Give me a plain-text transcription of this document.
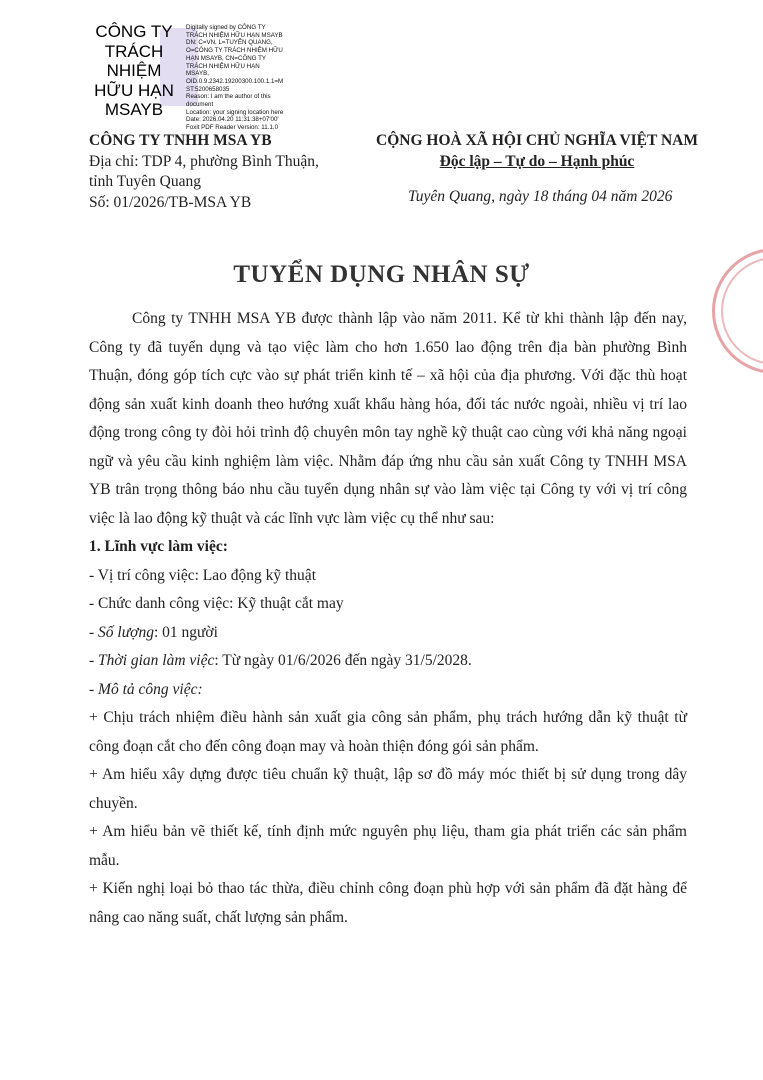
CÔNG TY
TRÁCH
NHIỆM
HỮU HẠN
MSAYB
Digitally signed by CÔNG TY
TRÁCH NHIỆM HỮU HẠN MSAYB
DN: C=VN, L=TUYÊN QUANG,
O=CÔNG TY TRÁCH NHIỆM HỮU
HẠN MSAYB, CN=CÔNG TY
TRÁCH NHIỆM HỮU HẠN
MSAYB,
OID.0.9.2342.19200300.100.1.1=M
ST:5200658035
Reason: I am the author of this
document
Location: your signing location here
Date: 2026.04.20 11:31:38+07'00'
Foxit PDF Reader Version: 11.1.0
CÔNG TY TNHH MSA YB
Địa chỉ: TDP 4, phường Bình Thuận,
tỉnh Tuyên Quang
Số: 01/2026/TB-MSA YB
CỘNG HOÀ XÃ HỘI CHỦ NGHĨA VIỆT NAM
Độc lập – Tự do – Hạnh phúc
Tuyên Quang, ngày 18 tháng 04 năm 2026
TUYỂN DỤNG NHÂN SỰ

Công ty TNHH MSA YB được thành lập vào năm 2011. Kể từ khi thành lập đến nay, Công ty đã tuyển dụng và tạo việc làm cho hơn 1.650 lao động trên địa bàn phường Bình Thuận, đóng góp tích cực vào sự phát triển kinh tế – xã hội của địa phương. Với đặc thù hoạt động sản xuất kinh doanh theo hướng xuất khẩu hàng hóa, đối tác nước ngoài, nhiều vị trí lao động trong công ty đòi hỏi trình độ chuyên môn tay nghề kỹ thuật cao cùng với khả năng ngoại ngữ và yêu cầu kinh nghiệm làm việc. Nhằm đáp ứng nhu cầu sản xuất Công ty TNHH MSA YB trân trọng thông báo nhu cầu tuyển dụng nhân sự vào làm việc tại Công ty với vị trí công việc là lao động kỹ thuật và các lĩnh vực làm việc cụ thể như sau:

1. Lĩnh vực làm việc:

- Vị trí công việc: Lao động kỹ thuật

- Chức danh công việc: Kỹ thuật cắt may

- Số lượng: 01 người

- Thời gian làm việc: Từ ngày 01/6/2026 đến ngày 31/5/2028.

- Mô tả công việc:

+ Chịu trách nhiệm điều hành sản xuất gia công sản phẩm, phụ trách hướng dẫn kỹ thuật từ công đoạn cắt cho đến công đoạn may và hoàn thiện đóng gói sản phẩm.

+ Am hiểu xây dựng được tiêu chuẩn kỹ thuật, lập sơ đồ máy móc thiết bị sử dụng trong dây chuyền.

+ Am hiểu bản vẽ thiết kế, tính định mức nguyên phụ liệu, tham gia phát triển các sản phẩm mẫu.

+ Kiến nghị loại bỏ thao tác thừa, điều chỉnh công đoạn phù hợp với sản phẩm đã đặt hàng để nâng cao năng suất, chất lượng sản phẩm.
